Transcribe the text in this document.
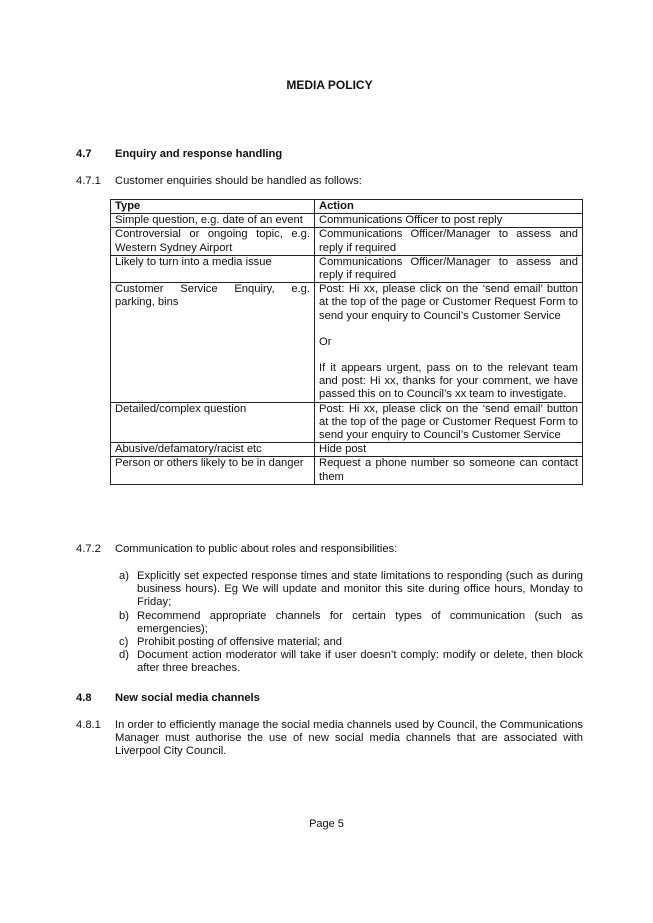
MEDIA POLICY
4.7 Enquiry and response handling
4.7.1 Customer enquiries should be handled as follows:
Type	Action
Simple question, e.g. date of an event	Communications Officer to post reply

Controversial or ongoing topic, e.g. Western Sydney Airport	Communications Officer/Manager to assess and reply if required

Likely to turn into a media issue	Communications Officer/Manager to assess and reply if required

Customer Service Enquiry, e.g. parking, bins	Post: Hi xx, please click on the ‘send email’ button at the top of the page or Customer Request Form to send your enquiry to Council’s Customer Service
Or
If it appears urgent, pass on to the relevant team and post: Hi xx, thanks for your comment, we have passed this on to Council’s xx team to investigate.

Detailed/complex question	Post: Hi xx, please click on the ‘send email’ button at the top of the page or Customer Request Form to send your enquiry to Council’s Customer Service

Abusive/defamatory/racist etc	Hide post

Person or others likely to be in danger	Request a phone number so someone can contact them
4.7.2 Communication to public about roles and responsibilities:
a) Explicitly set expected response times and state limitations to responding (such as during business hours). Eg We will update and monitor this site during office hours, Monday to Friday;
b) Recommend appropriate channels for certain types of communication (such as emergencies);
c) Prohibit posting of offensive material; and
d) Document action moderator will take if user doesn’t comply: modify or delete, then block after three breaches.
4.8 New social media channels
4.8.1 In order to efficiently manage the social media channels used by Council, the Communications Manager must authorise the use of new social media channels that are associated with Liverpool City Council.
Page 5
